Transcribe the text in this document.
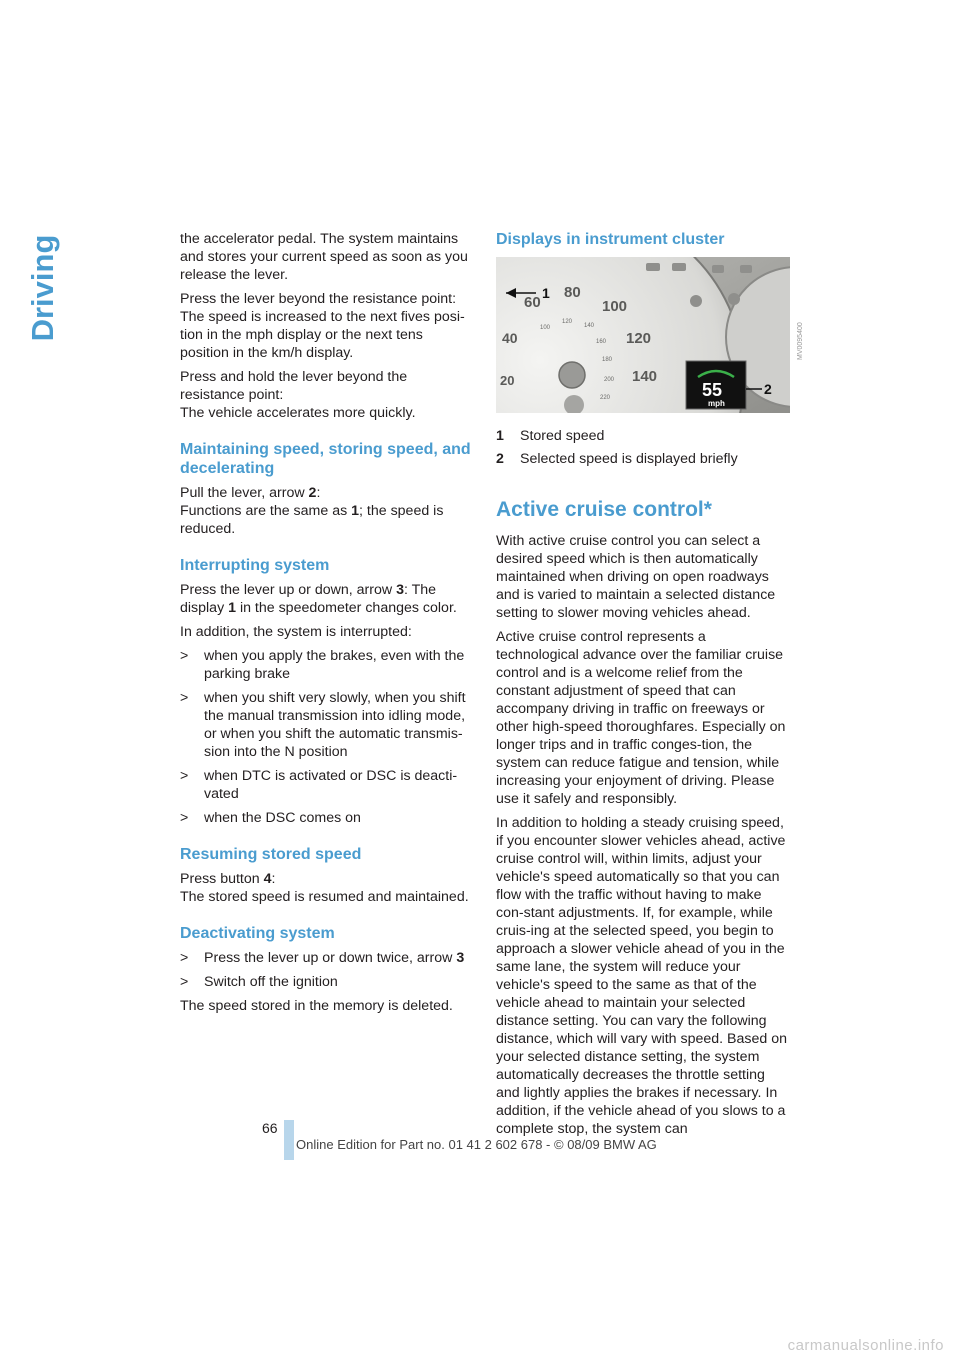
Driving	the accelerator pedal. The system maintains and stores your current speed as soon as you release the lever.

Press the lever beyond the resistance point: The speed is increased to the next fives posi-tion in the mph display or the next tens position in the km/h display.

Press and hold the lever beyond the resistance point:
The vehicle accelerates more quickly.

Maintaining speed, storing speed, and decelerating

Pull the lever, arrow 2:
Functions are the same as 1; the speed is reduced.

Interrupting system

Press the lever up or down, arrow 3: The display 1 in the speedometer changes color.

In addition, the system is interrupted:

> when you apply the brakes, even with the parking brake
> when you shift very slowly, when you shift the manual transmission into idling mode, or when you shift the automatic transmis-sion into the N position
> when DTC is activated or DSC is deacti-vated
> when the DSC comes on
Resuming stored speed

Press button 4:
The stored speed is resumed and maintained.

Deactivating system
> Press the lever up or down twice, arrow 3
> Switch off the ignition

The speed stored in the memory is deleted.

Displays in instrument cluster
20
40
60
80
100
120
140
100
120
140
160
180
200
220	55
mph
1
2
1 Stored speed
2 Selected speed is displayed briefly
Active cruise control*

With active cruise control you can select a desired speed which is then automatically maintained when driving on open roadways and is varied to maintain a selected distance setting to slower moving vehicles ahead.

Active cruise control represents a technological advance over the familiar cruise control and is a welcome relief from the constant adjustment of speed that can accompany driving in traffic on freeways or other high-speed thoroughfares. Especially on longer trips and in traffic conges-tion, the system can reduce fatigue and tension, while increasing your enjoyment of driving. Please use it safely and responsibly.

In addition to holding a steady cruising speed, if you encounter slower vehicles ahead, active cruise control will, within limits, adjust your vehicle's speed automatically so that you can flow with the traffic without having to make con-stant adjustments. If, for example, while cruis-ing at the selected speed, you begin to approach a slower vehicle ahead of you in the same lane, the system will reduce your vehicle's speed to the same as that of the vehicle ahead to maintain your selected distance setting. You can vary the following distance, which will vary with speed. Based on your selected distance setting, the system automatically decreases the throttle setting and lightly applies the brakes if necessary. In addition, if the vehicle ahead of you slows to a complete stop, the system can

MV0095400
66
Online Edition for Part no. 01 41 2 602 678 - © 08/09 BMW AG
carmanualsonline.info
